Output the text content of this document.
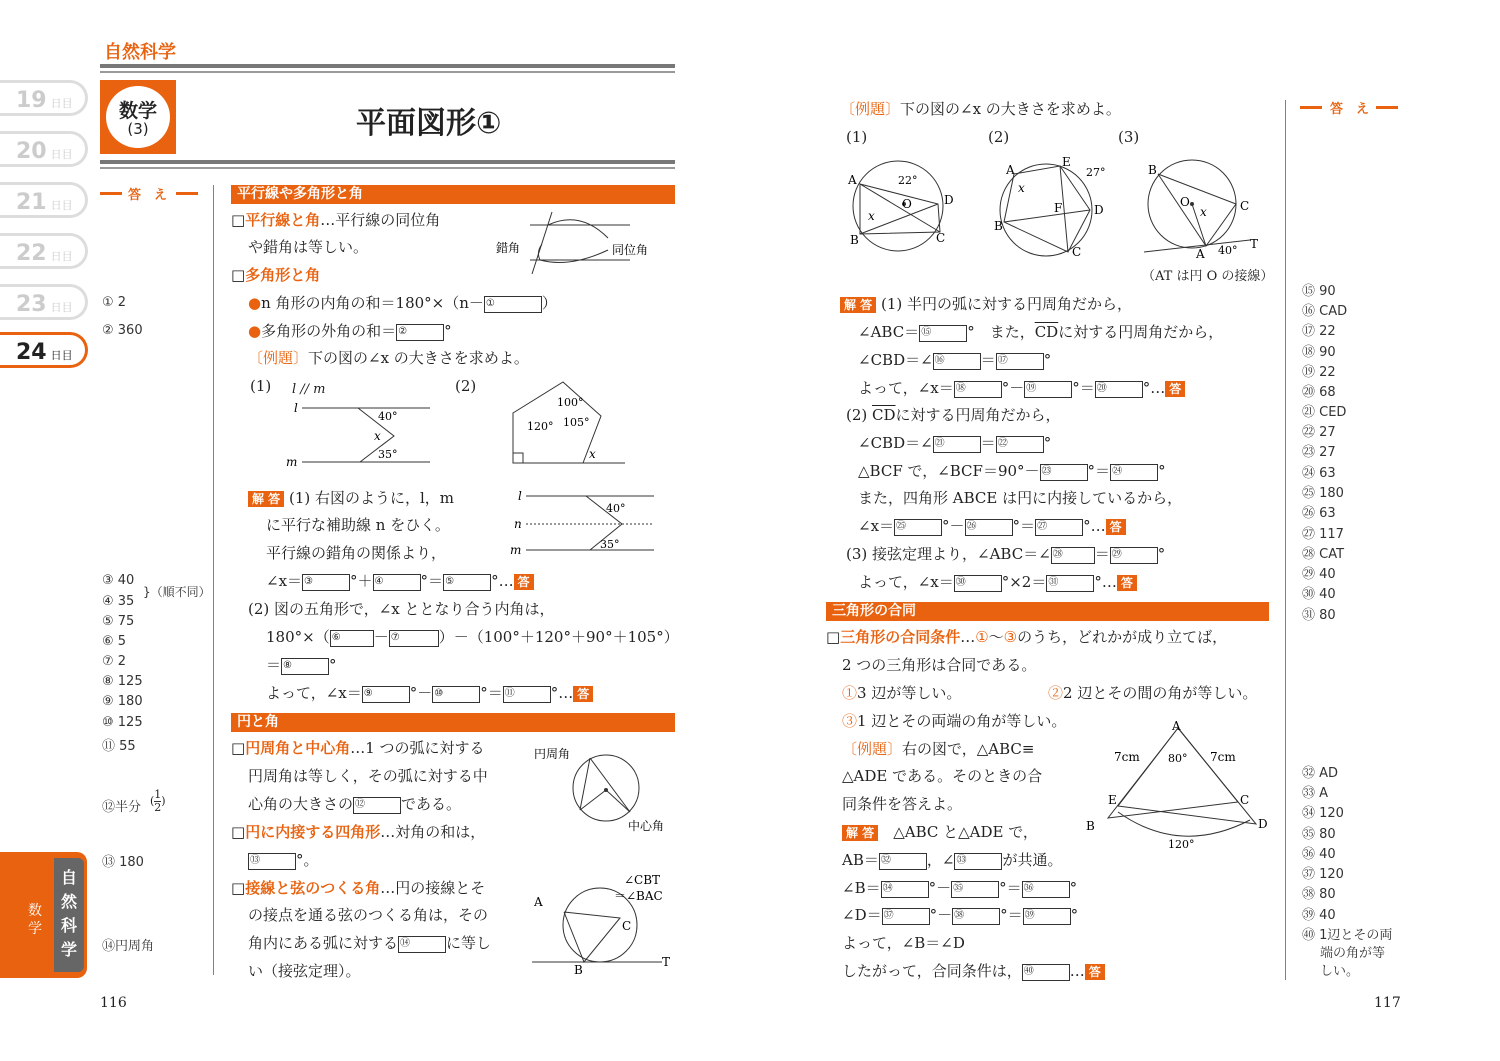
自然科学
数学
(3)	平面図形①
19 日目
20 日目
21 日目
22 日目
23 日目
24 日目
答　え
① 2
② 360
③ 40
}（順不同）
④ 35
⑤ 75
⑥ 5
⑦ 2
⑧ 125
⑨ 180
⑩ 125
⑪ 55
⑫半分 ( $\frac{1}{2}$ )
⑬ 180
⑭円周角
自然科学
数学
116
平行線や多角形と角
□平行線と角…平行線の同位角
や錯角は等しい。	錯角	同位角
□多角形と角
●n 角形の内角の和＝180°×（n－ ①	）
●多角形の外角の和＝ ② °
〔例題〕下の図の∠x の大きさを求めよ。
(1) l // m	(2)
l
m
40°
x
35°
100°
120° 105°
x
解 答 (1) 右図のように，l，m
に平行な補助線 n をひく。
平行線の錯角の関係より，
∠x＝ ③ °＋ ④ °＝ ⑤ °… 答
l
n
m
40°
35°
(2) 図の五角形で，∠x ととなり合う内角は，
180°×（ ⑥ － ⑦	）－（100°＋120°＋90°＋105°）
＝ ⑧ °
よって，∠x＝ ⑨ °－ ⑩ °＝ ⑪ °… 答
円と角
□円周角と中心角…1 つの弧に対する
円周角は等しく，その弧に対する中
心角の大きさの ⑫ である。
円周角
中心角
□円に内接する四角形…対角の和は，
⑬ °。
□接線と弦のつくる角…円の接線とそ
の接点を通る弦のつくる角は，その
角内にある弧に対する ⑭ に等し
い（接弦定理）。
A
B
C
T
∠CBT
＝∠BAC
〔例題〕下の図の∠x の大きさを求めよ。
(1)	(2)	(3)
A
B	C
D
O
x
22°
A
B
C
D
E
F
x
27°	B
C
A
O
T
x
40°
（AT は円 O の接線）
解 答 (1) 半円の弧に対する円周角だから，
∠ABC＝ ⑮ °　また，$\overline{CD}$に対する円周角だから，
∠CBD＝∠ ⑯ ＝ ⑰ °
よって，∠x＝ ⑱ °－ ⑲ °＝ ⑳ °… 答
(2) $\overline{CD}$に対する円周角だから，
∠CBD＝∠ ㉑ ＝ ㉒ °
△BCF で，∠BCF＝90°－ ㉓ °＝ ㉔ °
また，四角形 ABCE は円に内接しているから，
∠x＝ ㉕ °－ ㉖ °＝ ㉗ °… 答
(3) 接弦定理より，∠ABC＝∠ ㉘ ＝ ㉙ °
よって，∠x＝ ㉚ °×2＝ ㉛ °… 答
三角形の合同
□三角形の合同条件…①～③のうち，どれかが成り立てば，
2 つの三角形は合同である。
①3 辺が等しい。	②2 辺とその間の角が等しい。
③1 辺とその両端の角が等しい。
〔例題〕右の図で，△ABC≡
△ADE である。そのときの合
同条件を答えよ。
解 答　 △ABC と△ADE で，
AB＝ ㉜ ，∠ ㉝ が共通。
∠B＝ ㉞ °－ ㉟ °＝ ㊱ °
∠D＝ ㊲ °－ ㊳ °＝ ㊴ °
よって，∠B＝∠D
したがって，合同条件は， ㊵ … 答
A
B
C
D
E
7cm	7cm
80°
120°
答　え
⑮ 90
⑯ CAD
⑰ 22
⑱ 90
⑲ 22
⑳ 68
㉑ CED
㉒ 27
㉓ 27
㉔ 63
㉕ 180
㉖ 63
㉗ 117
㉘ CAT
㉙ 40
㉚ 40
㉛ 80
㉜ AD
㉝ A
㉞ 120
㉟ 80
㊱ 40
㊲ 120
㊳ 80
㊴ 40
㊵ 1辺とその両
端の角が等
しい。
117
